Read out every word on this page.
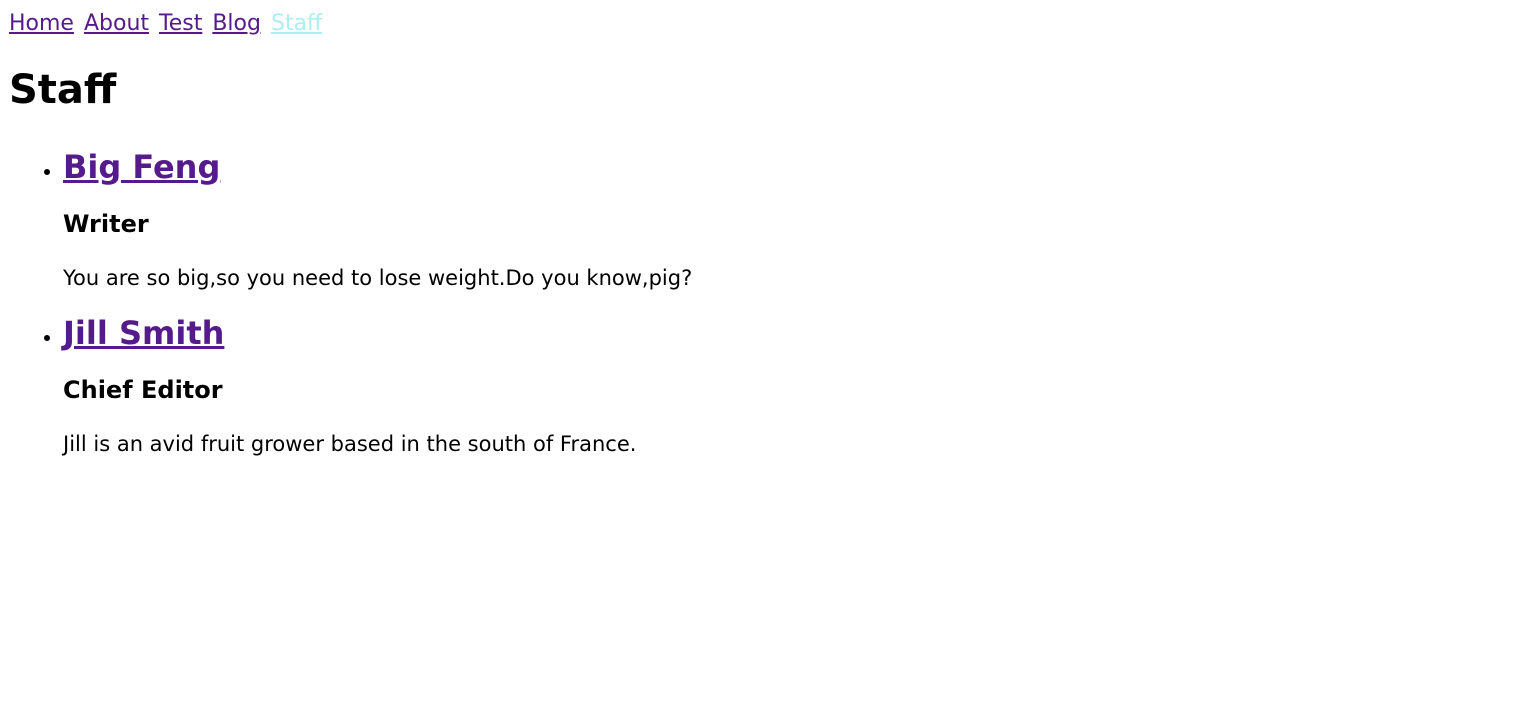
Home About Test Blog Staff
Staff
• Big Feng
Writer

You are so big,so you need to lose weight.Do you know,pig?

• Jill Smith
Chief Editor

Jill is an avid fruit grower based in the south of France.
